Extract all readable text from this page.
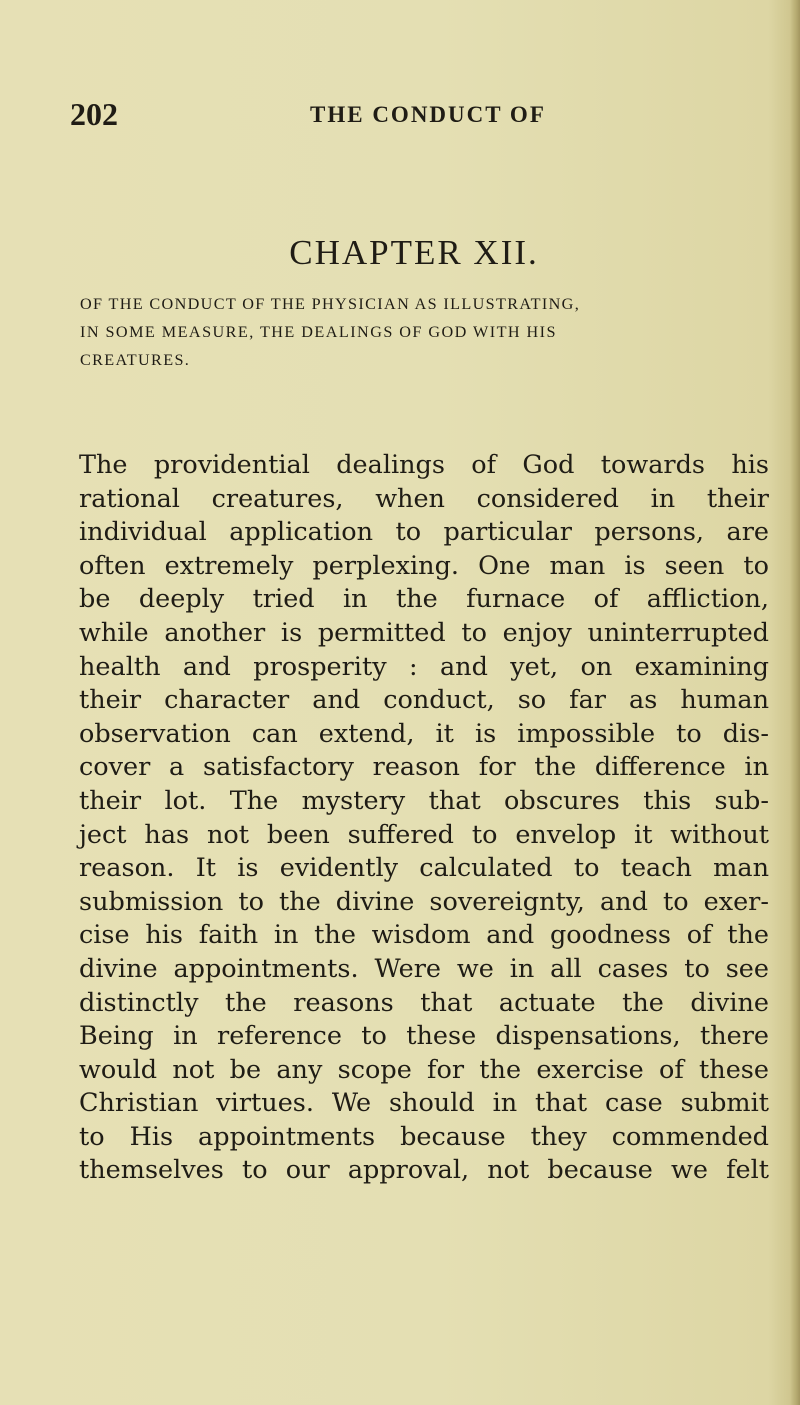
202	THE CONDUCT OF
CHAPTER XII.
OF THE CONDUCT OF THE PHYSICIAN AS ILLUSTRATING,
IN SOME MEASURE, THE DEALINGS OF GOD WITH HIS
CREATURES.
The providential dealings of God towards his
rational creatures, when considered in their
individual application to particular persons, are
often extremely perplexing. One man is seen to
be deeply tried in the furnace of affliction,
while another is permitted to enjoy uninterrupted
health and prosperity : and yet, on examining
their character and conduct, so far as human
observation can extend, it is impossible to dis-
cover a satisfactory reason for the difference in
their lot. The mystery that obscures this sub-
ject has not been suffered to envelop it without
reason. It is evidently calculated to teach man
submission to the divine sovereignty, and to exer-
cise his faith in the wisdom and goodness of the
divine appointments. Were we in all cases to see
distinctly the reasons that actuate the divine
Being in reference to these dispensations, there
would not be any scope for the exercise of these
Christian virtues. We should in that case submit
to His appointments because they commended
themselves to our approval, not because we felt
